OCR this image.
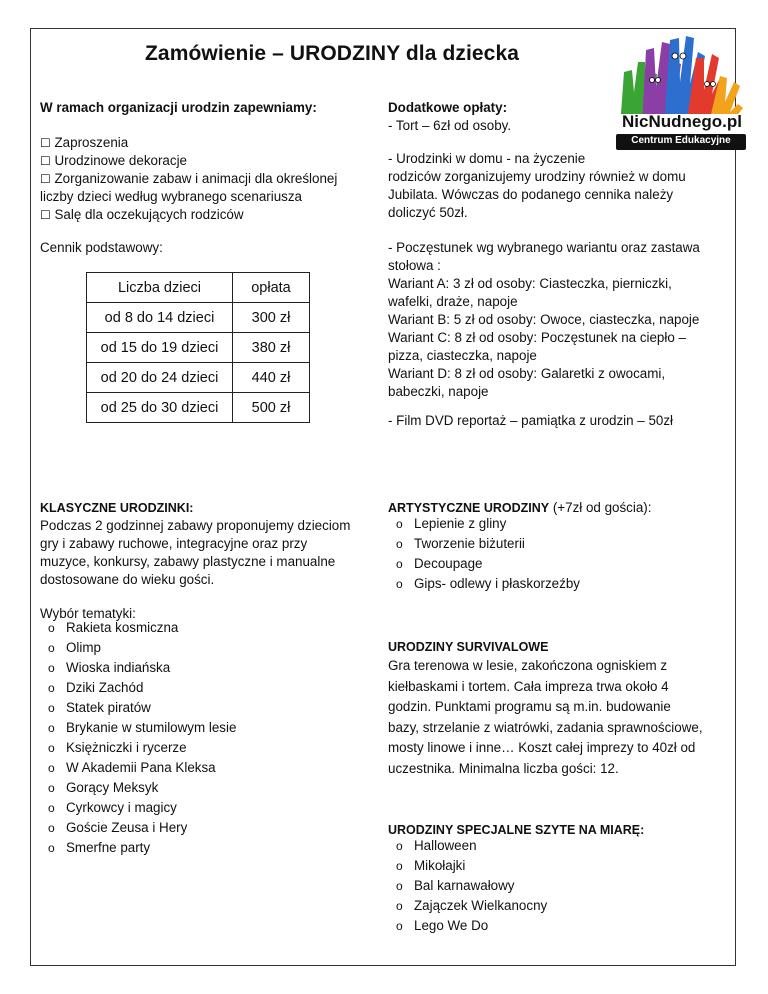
Zamówienie – URODZINY dla dziecka
NicNudnego.pl
Centrum Edukacyjne
W ramach organizacji urodzin zapewniamy:
☐ Zaproszenia
☐ Urodzinowe dekoracje
☐ Zorganizowanie zabaw i animacji dla określonej
liczby dzieci według wybranego scenariusza
☐ Salę dla oczekujących rodziców
Cennik podstawowy:
Liczba dzieci	opłata
od 8 do 14 dzieci	300 zł
od 15 do 19 dzieci	380 zł
od 20 do 24 dzieci	440 zł
od 25 do 30 dzieci	500 zł
Dodatkowe opłaty:
- Tort – 6zł od osoby.
- Urodzinki w domu - na życzenie
rodziców zorganizujemy urodziny również w domu
Jubilata. Wówczas do podanego cennika należy
doliczyć 50zł.
- Poczęstunek wg wybranego wariantu oraz zastawa
stołowa :
Wariant A: 3 zł od osoby: Ciasteczka, pierniczki,
wafelki, draże, napoje
Wariant B: 5 zł od osoby: Owoce, ciasteczka, napoje
Wariant C: 8 zł od osoby: Poczęstunek na ciepło –
pizza, ciasteczka, napoje
Wariant D: 8 zł od osoby: Galaretki z owocami,
babeczki, napoje
- Film DVD reportaż – pamiątka z urodzin – 50zł
KLASYCZNE URODZINKI:
Podczas 2 godzinnej zabawy proponujemy dzieciom
gry i zabawy ruchowe, integracyjne oraz przy
muzyce, konkursy, zabawy plastyczne i manualne
dostosowane do wieku gości.
Wybór tematyki:
o Rakieta kosmiczna
o Olimp
o Wioska indiańska
o Dziki Zachód
o Statek piratów
o Brykanie w stumilowym lesie
o Księżniczki i rycerze
o W Akademii Pana Kleksa
o Gorący Meksyk
o Cyrkowcy i magicy
o Goście Zeusa i Hery
o Smerfne party
ARTYSTYCZNE URODZINY (+7zł od gościa):
o Lepienie z gliny
o Tworzenie biżuterii
o Decoupage
o Gips- odlewy i płaskorzeźby
URODZINY SURVIVALOWE
Gra terenowa w lesie, zakończona ogniskiem z
kiełbaskami i tortem. Cała impreza trwa około 4
godzin. Punktami programu są m.in. budowanie
bazy, strzelanie z wiatrówki, zadania sprawnościowe,
mosty linowe i inne… Koszt całej imprezy to 40zł od
uczestnika. Minimalna liczba gości: 12.
URODZINY SPECJALNE SZYTE NA MIARĘ:
o Halloween
o Mikołajki
o Bal karnawałowy
o Zajączek Wielkanocny
o Lego We Do
